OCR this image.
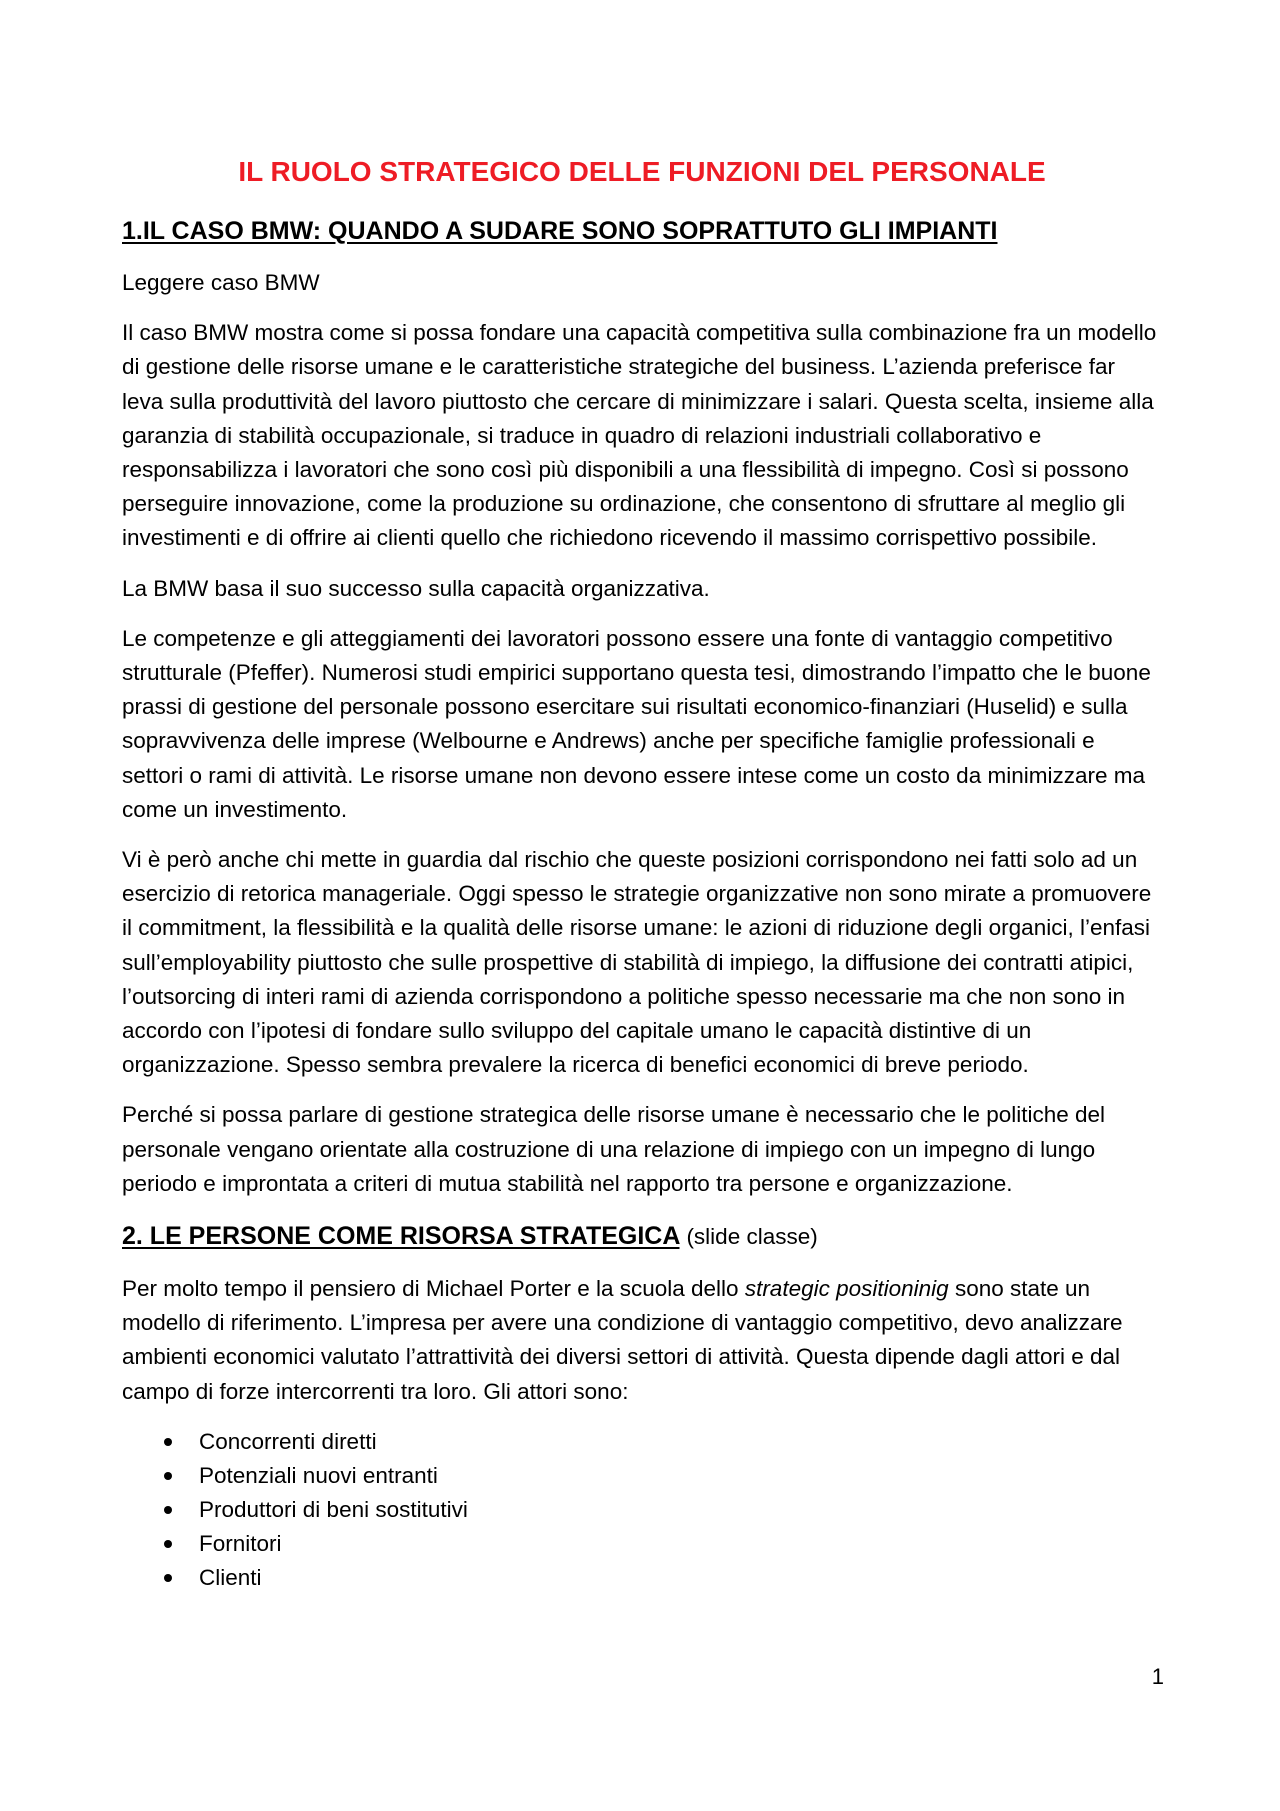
IL RUOLO STRATEGICO DELLE FUNZIONI DEL PERSONALE
1.IL CASO BMW: QUANDO A SUDARE SONO SOPRATTUTO GLI IMPIANTI

Leggere caso BMW

Il caso BMW mostra come si possa fondare una capacità competitiva sulla combinazione fra un modello di gestione delle risorse umane e le caratteristiche strategiche del business. L’azienda preferisce far leva sulla produttività del lavoro piuttosto che cercare di minimizzare i salari. Questa scelta, insieme alla garanzia di stabilità occupazionale, si traduce in quadro di relazioni industriali collaborativo e responsabilizza i lavoratori che sono così più disponibili a una flessibilità di impegno. Così si possono perseguire innovazione, come la produzione su ordinazione, che consentono di sfruttare al meglio gli investimenti e di offrire ai clienti quello che richiedono ricevendo il massimo corrispettivo possibile.

La BMW basa il suo successo sulla capacità organizzativa.

Le competenze e gli atteggiamenti dei lavoratori possono essere una fonte di vantaggio competitivo strutturale (Pfeffer). Numerosi studi empirici supportano questa tesi, dimostrando l’impatto che le buone prassi di gestione del personale possono esercitare sui risultati economico-finanziari (Huselid) e sulla sopravvivenza delle imprese (Welbourne e Andrews) anche per specifiche famiglie professionali e settori o rami di attività. Le risorse umane non devono essere intese come un costo da minimizzare ma come un investimento.

Vi è però anche chi mette in guardia dal rischio che queste posizioni corrispondono nei fatti solo ad un esercizio di retorica manageriale. Oggi spesso le strategie organizzative non sono mirate a promuovere il commitment, la flessibilità e la qualità delle risorse umane: le azioni di riduzione degli organici, l’enfasi sull’employability piuttosto che sulle prospettive di stabilità di impiego, la diffusione dei contratti atipici, l’outsorcing di interi rami di azienda corrispondono a politiche spesso necessarie ma che non sono in accordo con l’ipotesi di fondare sullo sviluppo del capitale umano le capacità distintive di un organizzazione. Spesso sembra prevalere la ricerca di benefici economici di breve periodo.

Perché si possa parlare di gestione strategica delle risorse umane è necessario che le politiche del personale vengano orientate alla costruzione di una relazione di impiego con un impegno di lungo periodo e improntata a criteri di mutua stabilità nel rapporto tra persone e organizzazione.

2. LE PERSONE COME RISORSA STRATEGICA (slide classe)

Per molto tempo il pensiero di Michael Porter e la scuola dello strategic positioninig sono state un modello di riferimento. L’impresa per avere una condizione di vantaggio competitivo, devo analizzare ambienti economici valutato l’attrattività dei diversi settori di attività. Questa dipende dagli attori e dal campo di forze intercorrenti tra loro. Gli attori sono:

Concorrenti diretti
Potenziali nuovi entranti
Produttori di beni sostitutivi
Fornitori
Clienti
1
